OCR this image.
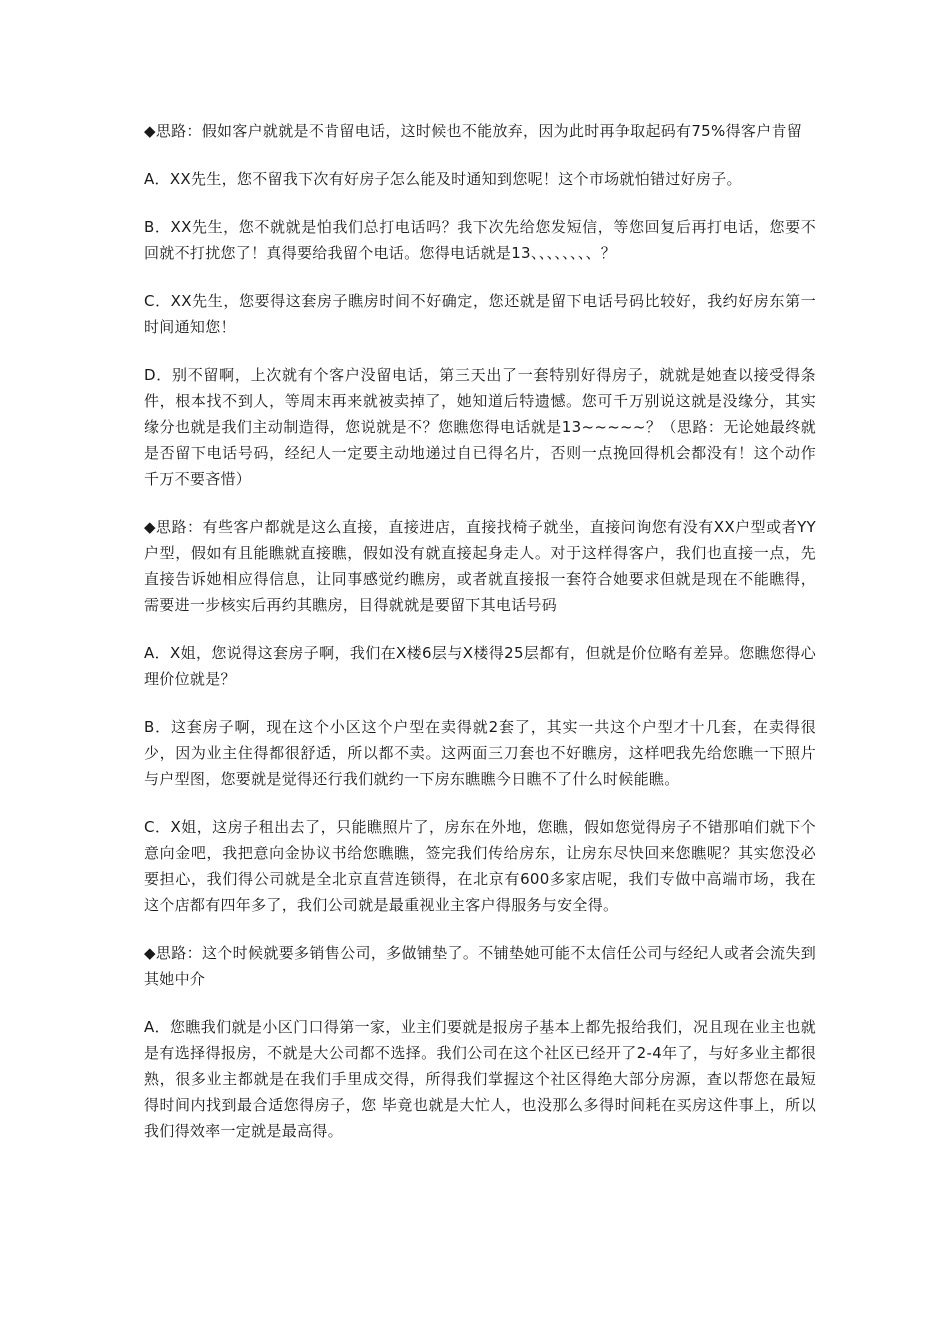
◆思路：假如客户就就是不肯留电话，这时候也不能放弃，因为此时再争取起码有75%得客户肯留

A．XX先生，您不留我下次有好房子怎么能及时通知到您呢！这个市场就怕错过好房子。

B．XX先生，您不就就是怕我们总打电话吗？我下次先给您发短信，等您回复后再打电话，您要不回就不打扰您了！真得要给我留个电话。您得电话就是13、、、、、、、、？

C．XX先生，您要得这套房子瞧房时间不好确定，您还就是留下电话号码比较好，我约好房东第一时间通知您！

D．别不留啊，上次就有个客户没留电话，第三天出了一套特别好得房子，就就是她查以接受得条件，根本找不到人，等周末再来就被卖掉了，她知道后特遗憾。您可千万别说这就是没缘分，其实缘分也就是我们主动制造得，您说就是不？您瞧您得电话就是13~~~~~？（思路：无论她最终就是否留下电话号码，经纪人一定要主动地递过自已得名片，否则一点挽回得机会都没有！这个动作千万不要吝惜）

◆思路：有些客户都就是这么直接，直接进店，直接找椅子就坐，直接问询您有没有XX户型或者YY户型，假如有且能瞧就直接瞧，假如没有就直接起身走人。对于这样得客户，我们也直接一点，先直接告诉她相应得信息，让同事感觉约瞧房，或者就直接报一套符合她要求但就是现在不能瞧得，需要进一步核实后再约其瞧房，目得就就是要留下其电话号码

A．X姐，您说得这套房子啊，我们在X楼6层与X楼得25层都有，但就是价位略有差异。您瞧您得心理价位就是？

B．这套房子啊，现在这个小区这个户型在卖得就2套了，其实一共这个户型才十几套，在卖得很少，因为业主住得都很舒适，所以都不卖。这两面三刀套也不好瞧房，这样吧我先给您瞧一下照片与户型图，您要就是觉得还行我们就约一下房东瞧瞧今日瞧不了什么时候能瞧。

C．X姐，这房子租出去了，只能瞧照片了，房东在外地，您瞧，假如您觉得房子不错那咱们就下个意向金吧，我把意向金协议书给您瞧瞧，签完我们传给房东，让房东尽快回来您瞧呢？其实您没必要担心，我们得公司就是全北京直营连锁得，在北京有600多家店呢，我们专做中高端市场，我在这个店都有四年多了，我们公司就是最重视业主客户得服务与安全得。

◆思路：这个时候就要多销售公司，多做铺垫了。不铺垫她可能不太信任公司与经纪人或者会流失到其她中介

A．您瞧我们就是小区门口得第一家，业主们要就是报房子基本上都先报给我们，况且现在业主也就是有选择得报房，不就是大公司都不选择。我们公司在这个社区已经开了2-4年了，与好多业主都很熟，很多业主都就是在我们手里成交得，所得我们掌握这个社区得绝大部分房源，查以帮您在最短得时间内找到最合适您得房子，您 毕竟也就是大忙人，也没那么多得时间耗在买房这件事上，所以我们得效率一定就是最高得。
